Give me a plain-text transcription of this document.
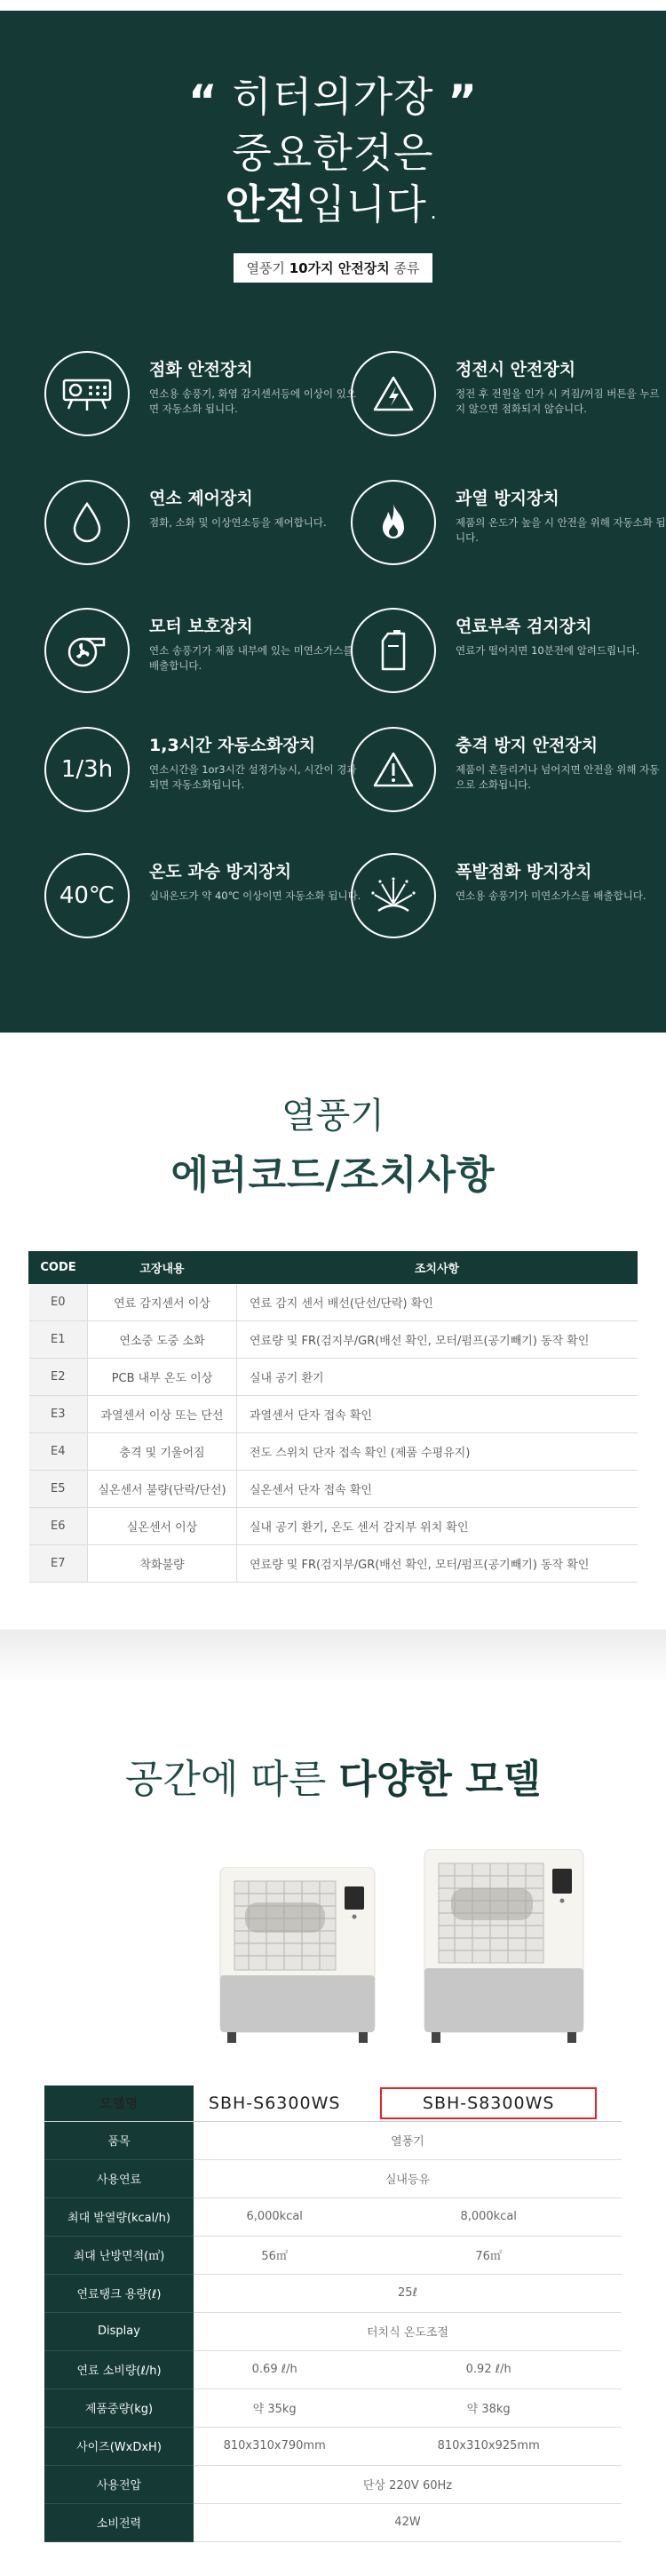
“ 히터의가장 ”
중요한것은
안전입니다.
열풍기 10가지 안전장치 종류
점화 안전장치
연소용 송풍기, 화염 감지센서등에 이상이 있으면 자동소화 됩니다.
정전시 안전장치
정전 후 전원을 인가 시 켜짐/꺼짐 버튼을 누르지 않으면 점화되지 않습니다.
연소 제어장치
점화, 소화 및 이상연소등을 제어합니다.
과열 방지장치
제품의 온도가 높을 시 안전을 위해 자동소화 됩니다.
모터 보호장치
연소 송풍기가 제품 내부에 있는 미연소가스를 배출합니다.
연료부족 검지장치
연료가 떨어지면 10분전에 알려드립니다.
1/3h
1,3시간 자동소화장치
연소시간을 1or3시간 설정가능시, 시간이 경과되면 자동소화됩니다.
충격 방지 안전장치
제품이 흔들리거나 넘어지면 안전을 위해 자동으로 소화됩니다.
40℃
온도 과승 방지장치
실내온도가 약 40℃ 이상이면 자동소화 됩니다.
폭발점화 방지장치
연소용 송풍기가 미연소가스를 배출합니다.
열풍기
에러코드/조치사항
CODE	고장내용	조치사항
E0	연료 감지센서 이상	연료 감지 센서 배선(단선/단락) 확인
E1	연소중 도중 소화	연료량 및 FR(검지부/GR(배선 확인, 모터/펌프(공기빼기) 동작 확인
E2	PCB 내부 온도 이상	실내 공기 환기
E3	과열센서 이상 또는 단선	과열센서 단자 접속 확인
E4	충격 및 기울어짐	전도 스위치 단자 접속 확인 (제품 수평유지)
E5	실온센서 불량(단락/단선)	실온센서 단자 접속 확인
E6	실온센서 이상	실내 공기 환기, 온도 센서 감지부 위치 확인
E7	착화불량	연료량 및 FR(검지부/GR(배선 확인, 모터/펌프(공기빼기) 동작 확인
공간에 따른 다양한 모델
모델명	SBH-S6300WS	SBH-S8300WS
품목	열풍기	
사용연료	실내등유	
최대 발열량(kcal/h)	6,000kcal	8,000kcal
최대 난방면적(㎡)	56㎡	76㎡
연료탱크 용량(ℓ)	25ℓ	
Display	터치식 온도조절	
연료 소비량(ℓ/h)	0.69 ℓ/h	0.92 ℓ/h
제품중량(kg)	약 35kg	약 38kg
사이즈(WxDxH)	810x310x790mm	810x310x925mm
사용전압	단상 220V 60Hz	
소비전력	42W	
